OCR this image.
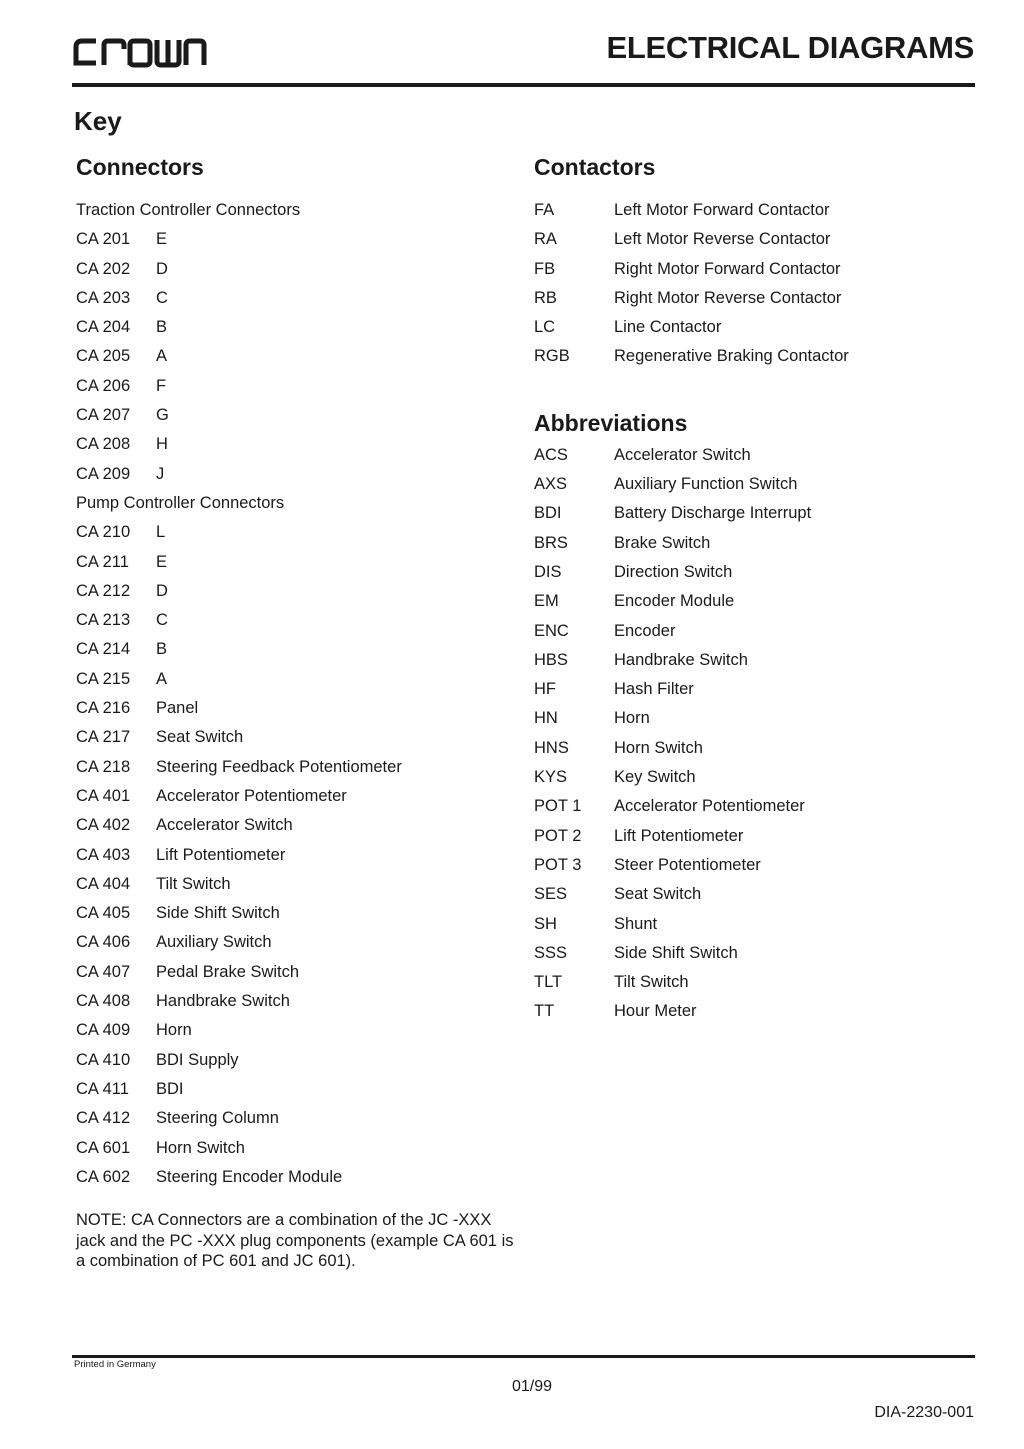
ELECTRICAL DIAGRAMS
Key
Connectors
Traction Controller Connectors
CA 201 E
CA 202 D
CA 203 C
CA 204 B
CA 205 A
CA 206 F
CA 207 G
CA 208 H
CA 209 J
Pump Controller Connectors
CA 210 L
CA 211 E
CA 212 D
CA 213 C
CA 214 B
CA 215 A
CA 216 Panel
CA 217 Seat Switch
CA 218 Steering Feedback Potentiometer
CA 401 Accelerator Potentiometer
CA 402 Accelerator Switch
CA 403 Lift Potentiometer
CA 404 Tilt Switch
CA 405 Side Shift Switch
CA 406 Auxiliary Switch
CA 407 Pedal Brake Switch
CA 408 Handbrake Switch
CA 409 Horn
CA 410 BDI Supply
CA 411 BDI
CA 412 Steering Column
CA 601 Horn Switch
CA 602 Steering Encoder Module
NOTE: CA Connectors are a combination of the JC -XXX jack and the PC -XXX plug components (example CA 601 is a combination of PC 601 and JC 601).
Contactors
FA	Left Motor Forward Contactor
RA	Left Motor Reverse Contactor
FB	Right Motor Forward Contactor
RB	Right Motor Reverse Contactor
LC	Line Contactor
RGB	Regenerative Braking Contactor
Abbreviations
ACS	Accelerator Switch
AXS	Auxiliary Function Switch
BDI	Battery Discharge Interrupt
BRS	Brake Switch
DIS	Direction Switch
EM	Encoder Module
ENC	Encoder
HBS	Handbrake Switch
HF	Hash Filter
HN	Horn
HNS	Horn Switch
KYS	Key Switch
POT 1 Accelerator Potentiometer
POT 2 Lift Potentiometer
POT 3 Steer Potentiometer
SES	Seat Switch
SH	Shunt
SSS	Side Shift Switch
TLT	Tilt Switch
TT	Hour Meter
Printed in Germany
01/99
DIA-2230-001
